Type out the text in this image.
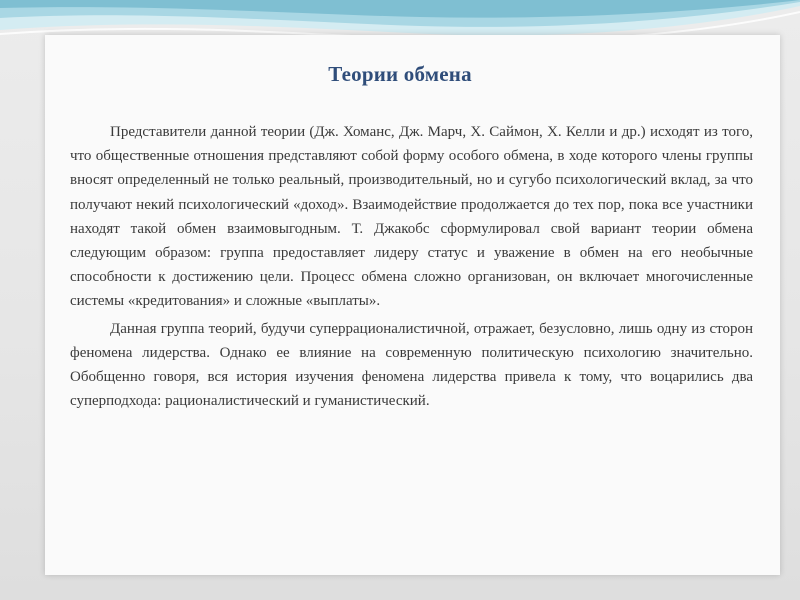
Теории обмена

Представители данной теории (Дж. Хоманс, Дж. Марч, Х. Саймон, Х. Келли и др.) исходят из того, что общественные отношения представляют собой форму особого обмена, в ходе которого члены группы вносят определенный не только реальный, производительный, но и сугубо психологический вклад, за что получают некий психологический «доход». Взаимодействие продолжается до тех пор, пока все участники находят такой обмен взаимовыгодным. Т. Джакобс сформулировал свой вариант теории обмена следующим образом: группа предоставляет лидеру статус и уважение в обмен на его необычные способности к достижению цели. Процесс обмена сложно организован, он включает многочисленные системы «кредитования» и сложные «выплаты».

Данная группа теорий, будучи суперрационалистичной, отражает, безусловно, лишь одну из сторон феномена лидерства. Однако ее влияние на современную политическую психологию значительно. Обобщенно говоря, вся история изучения феномена лидерства привела к тому, что воцарились два суперподхода: рационалистический и гуманистический.
